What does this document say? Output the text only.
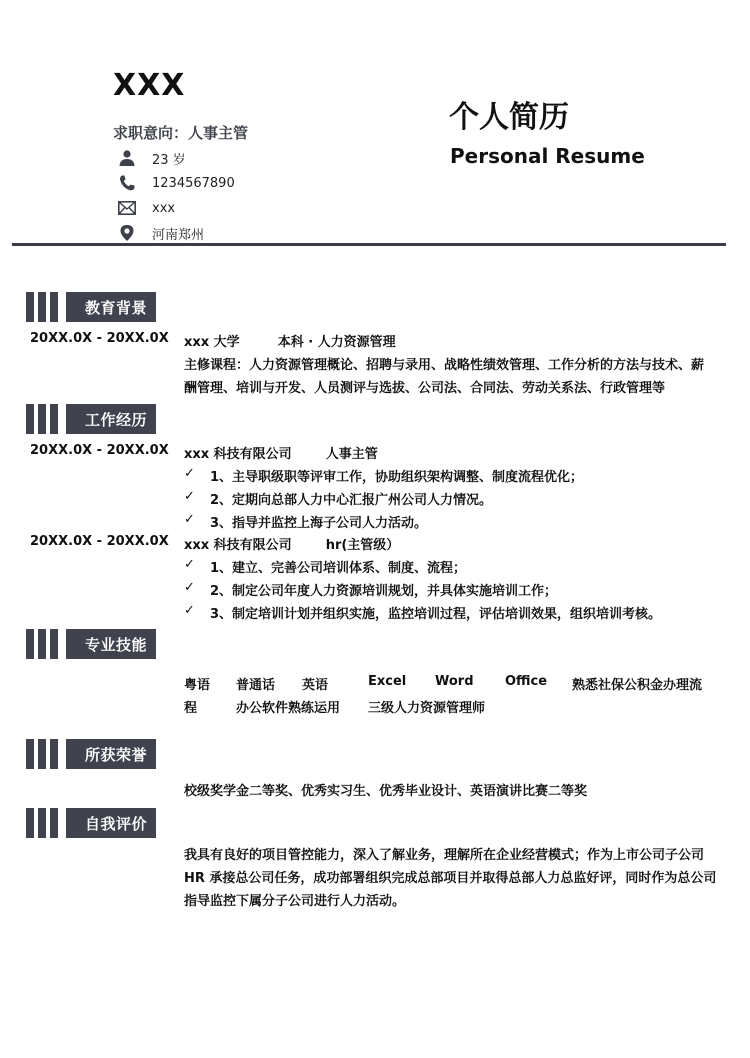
XXX
求职意向：人事主管
23 岁
1234567890
xxx
河南郑州
个人简历
Personal Resume
教育背景
20XX.0X - 20XX.0X xxx 大学	本科 · 人力资源管理
主修课程：人力资源管理概论、招聘与录用、战略性绩效管理、工作分析的方法与技术、薪
酬管理、培训与开发、人员测评与选拔、公司法、合同法、劳动关系法、行政管理等
工作经历
20XX.0X - 20XX.0X xxx 科技有限公司	人事主管
✓	1、主导职级职等评审工作，协助组织架构调整、制度流程优化；
✓	2、定期向总部人力中心汇报广州公司人力情况。
✓	3、指导并监控上海子公司人力活动。
20XX.0X - 20XX.0X xxx 科技有限公司	hr(主管级）
✓	1、建立、完善公司培训体系、制度、流程；
✓	2、制定公司年度人力资源培训规划，并具体实施培训工作；
✓	3、制定培训计划并组织实施，监控培训过程，评估培训效果，组织培训考核。
专业技能
粤语 普通话 英语	Excel Word Office 熟悉社保公积金办理流
程	办公软件熟练运用 三级人力资源管理师
所获荣誉
校级奖学金二等奖、优秀实习生、优秀毕业设计、英语演讲比赛二等奖
自我评价
我具有良好的项目管控能力，深入了解业务，理解所在企业经营模式；作为上市公司子公司HR 承接总公司任务，成功部署组织完成总部项目并取得总部人力总监好评，同时作为总公司指导监控下属分子公司进行人力活动。
